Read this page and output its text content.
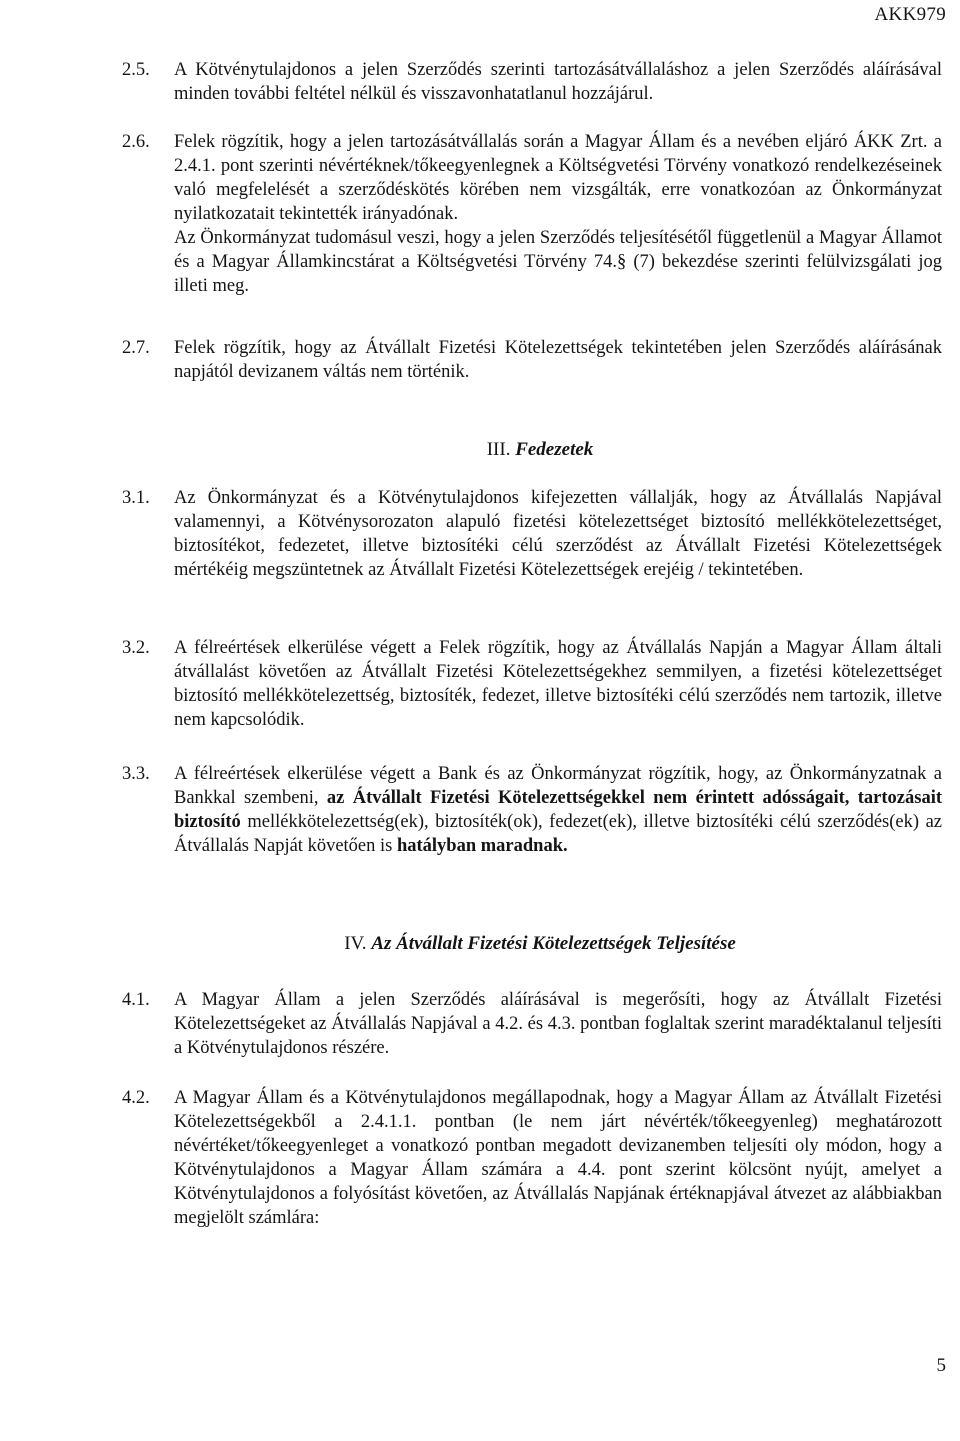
AKK979
2.5. A Kötvénytulajdonos a jelen Szerződés szerinti tartozásátvállaláshoz a jelen Szerződés aláírásával minden további feltétel nélkül és visszavonhatatlanul hozzájárul.
2.6. Felek rögzítik, hogy a jelen tartozásátvállalás során a Magyar Állam és a nevében eljáró ÁKK Zrt. a 2.4.1. pont szerinti névértéknek/tőkeegyenlegnek a Költségvetési Törvény vonatkozó rendelkezéseinek való megfelelését a szerződéskötés körében nem vizsgálták, erre vonatkozóan az Önkormányzat nyilatkozatait tekintették irányadónak.
Az Önkormányzat tudomásul veszi, hogy a jelen Szerződés teljesítésétől függetlenül a Magyar Államot és a Magyar Államkincstárat a Költségvetési Törvény 74.§ (7) bekezdése szerinti felülvizsgálati jog illeti meg.
2.7. Felek rögzítik, hogy az Átvállalt Fizetési Kötelezettségek tekintetében jelen Szerződés aláírásának napjától devizanem váltás nem történik.
III. Fedezetek
3.1. Az Önkormányzat és a Kötvénytulajdonos kifejezetten vállalják, hogy az Átvállalás Napjával valamennyi, a Kötvénysorozaton alapuló fizetési kötelezettséget biztosító mellékkötelezettséget, biztosítékot, fedezetet, illetve biztosítéki célú szerződést az Átvállalt Fizetési Kötelezettségek mértékéig megszüntetnek az Átvállalt Fizetési Kötelezettségek erejéig / tekintetében.
3.2. A félreértések elkerülése végett a Felek rögzítik, hogy az Átvállalás Napján a Magyar Állam általi átvállalást követően az Átvállalt Fizetési Kötelezettségekhez semmilyen, a fizetési kötelezettséget biztosító mellékkötelezettség, biztosíték, fedezet, illetve biztosítéki célú szerződés nem tartozik, illetve nem kapcsolódik.
3.3. A félreértések elkerülése végett a Bank és az Önkormányzat rögzítik, hogy, az Önkormányzatnak a Bankkal szembeni, az Átvállalt Fizetési Kötelezettségekkel nem érintett adósságait, tartozásait biztosító mellékkötelezettség(ek), biztosíték(ok), fedezet(ek), illetve biztosítéki célú szerződés(ek) az Átvállalás Napját követően is hatályban maradnak.
IV. Az Átvállalt Fizetési Kötelezettségek Teljesítése
4.1. A Magyar Állam a jelen Szerződés aláírásával is megerősíti, hogy az Átvállalt Fizetési Kötelezettségeket az Átvállalás Napjával a 4.2. és 4.3. pontban foglaltak szerint maradéktalanul teljesíti a Kötvénytulajdonos részére.
4.2. A Magyar Állam és a Kötvénytulajdonos megállapodnak, hogy a Magyar Állam az Átvállalt Fizetési Kötelezettségekből a 2.4.1.1. pontban (le nem járt névérték/tőkeegyenleg) meghatározott névértéket/tőkeegyenleget a vonatkozó pontban megadott devizanemben teljesíti oly módon, hogy a Kötvénytulajdonos a Magyar Állam számára a 4.4. pont szerint kölcsönt nyújt, amelyet a Kötvénytulajdonos a folyósítást követően, az Átvállalás Napjának értéknapjával átvezet az alábbiakban megjelölt számlára:
5
